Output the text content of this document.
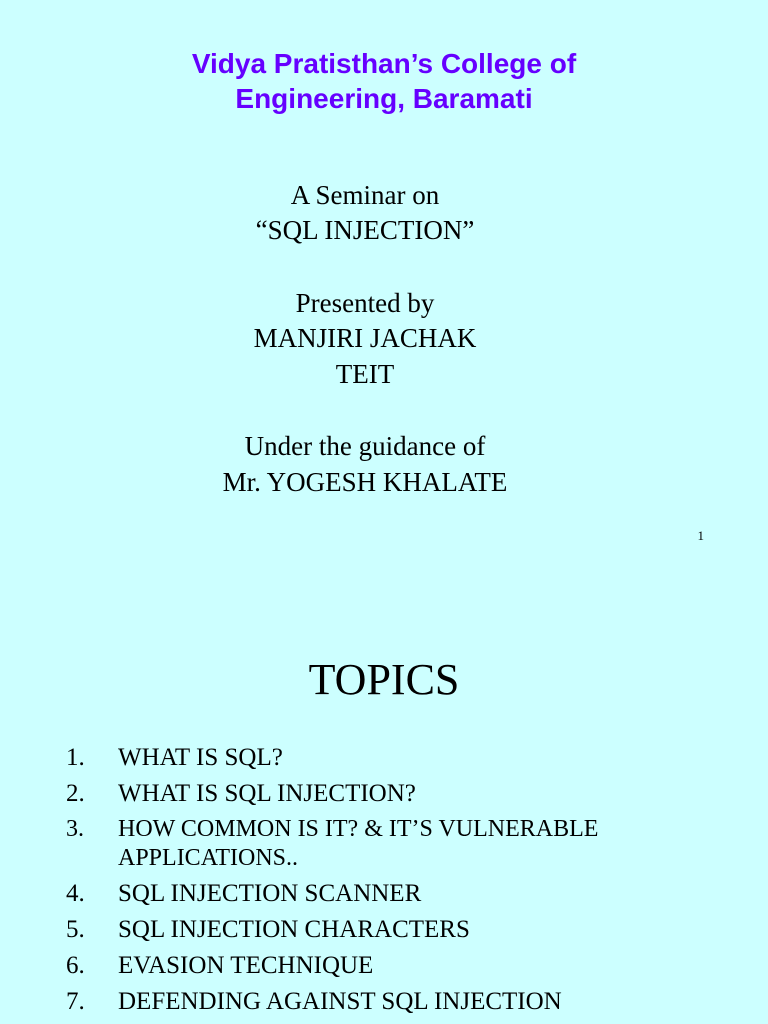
Vidya Pratisthan’s College of
Engineering, Baramati
A Seminar on
“SQL INJECTION”
Presented by
MANJIRI JACHAK
TEIT
Under the guidance of
Mr. YOGESH KHALATE
1
TOPICS
1. WHAT IS SQL?
2. WHAT IS SQL INJECTION?
3. HOW COMMON IS IT? & IT’S VULNERABLE
APPLICATIONS..
4. SQL INJECTION SCANNER
5. SQL INJECTION CHARACTERS
6. EVASION TECHNIQUE
7. DEFENDING AGAINST SQL INJECTION
